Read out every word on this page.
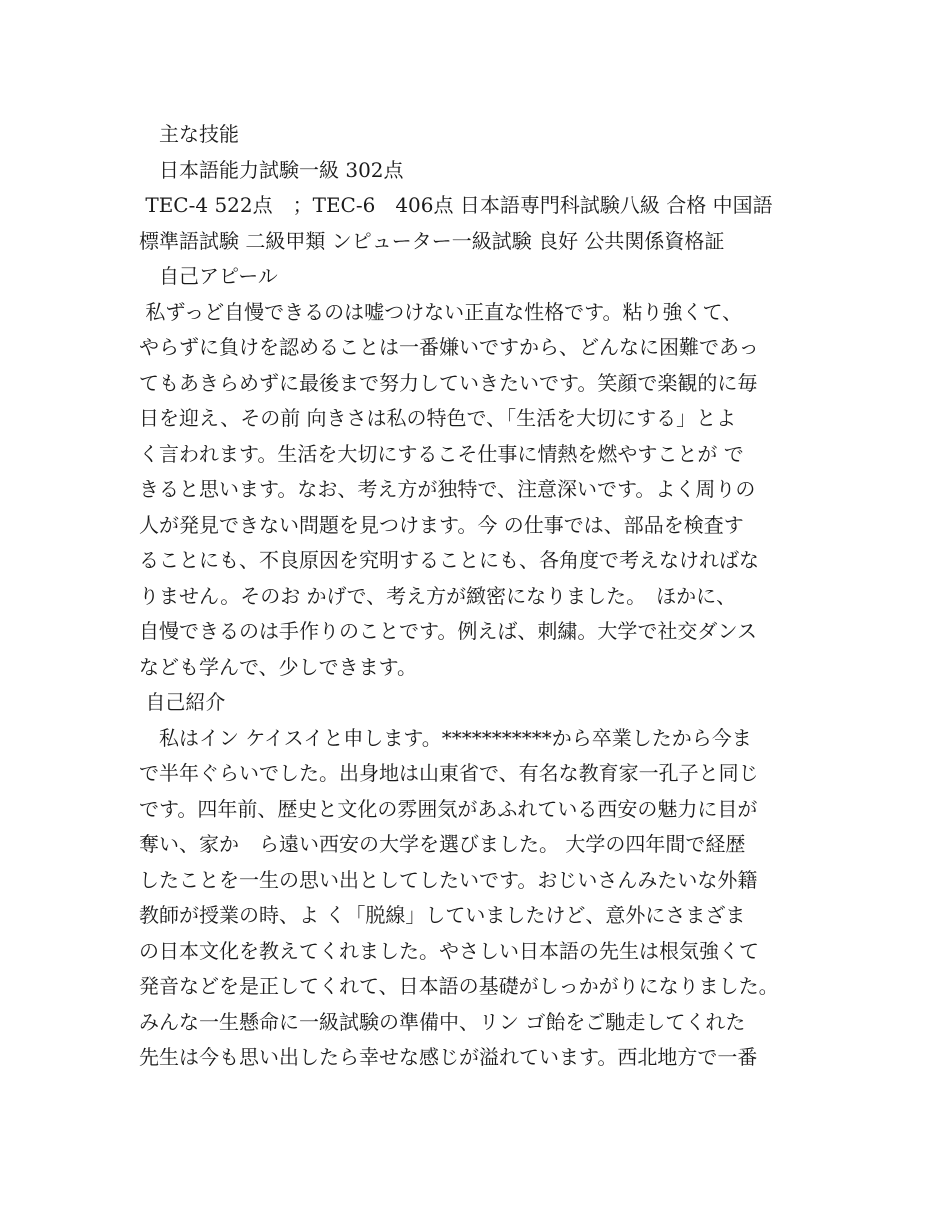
　主な技能
　日本語能力試験一級 302点
TEC-4 522点　；TEC-6　406点 日本語専門科試験八級 合格 中国語
標準語試験 二級甲類 ンピューター一級試験 良好 公共関係資格証
　自己アピール
私ずっど自慢できるのは嘘つけない正直な性格です。粘り強くて、
やらずに負けを認めることは一番嫌いですから、どんなに困難であっ
てもあきらめずに最後まで努力していきたいです。笑顔で楽観的に毎
日を迎え、その前 向きさは私の特色で、「生活を大切にする」とよ
く言われます。生活を大切にするこそ仕事に情熱を燃やすことが で
きると思います。なお、考え方が独特で、注意深いです。よく周りの
人が発見できない問題を見つけます。今 の仕事では、部品を検査す
ることにも、不良原因を究明することにも、各角度で考えなければな
りません。そのお かげで、考え方が緻密になりました。　ほかに、
自慢できるのは手作りのことです。例えば、刺繍。大学で社交ダンス
なども学んで、少しできます。
自己紹介
　私はイン ケイスイと申します。***********から卒業したから今ま
で半年ぐらいでした。出身地は山東省で、有名な教育家一孔子と同じ
です。四年前、歴史と文化の雰囲気があふれている西安の魅力に目が
奪い、家か　ら遠い西安の大学を選びました。 大学の四年間で経歴
したことを一生の思い出としてしたいです。おじいさんみたいな外籍
教師が授業の時、よ く「脱線」していましたけど、意外にさまざま
の日本文化を教えてくれました。やさしい日本語の先生は根気強くて
発音などを是正してくれて、日本語の基礎がしっかがりになりました。
みんな一生懸命に一級試験の準備中、リン ゴ飴をご馳走してくれた
先生は今も思い出したら幸せな感じが溢れています。西北地方で一番
